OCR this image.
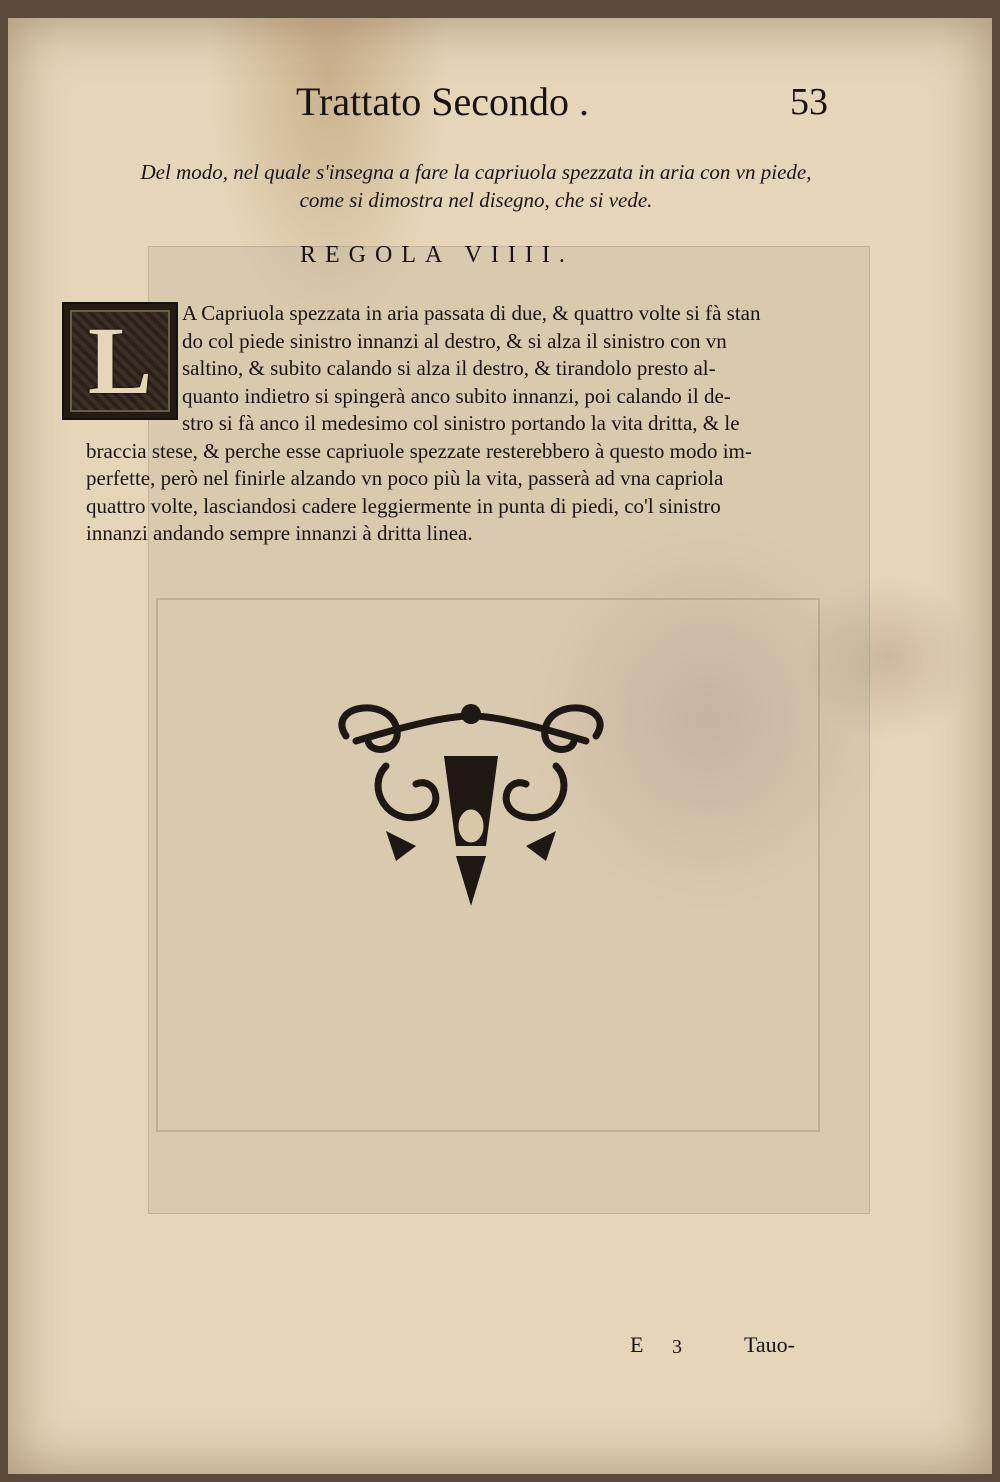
Trattato Secondo .	53
Del modo, nel quale s'insegna a fare la capriuola spezzata in aria con vn piede,
come si dimostra nel disegno, che si vede.
REGOLA VIIII.
L	A Capriuola spezzata in aria passata di due, & quattro volte si fà stan
do col piede sinistro innanzi al destro, & si alza il sinistro con vn
saltino, & subito calando si alza il destro, & tirandolo presto al-
quanto indietro si spingerà anco subito innanzi, poi calando il de-
stro si fà anco il medesimo col sinistro portando la vita dritta, & le
braccia stese, & perche esse capriuole spezzate resterebbero à questo modo im-
perfette, però nel finirle alzando vn poco più la vita, passerà ad vna capriola
quattro volte, lasciandosi cadere leggiermente in punta di piedi, co'l sinistro
innanzi andando sempre innanzi à dritta linea.
E 3	Tauo-
